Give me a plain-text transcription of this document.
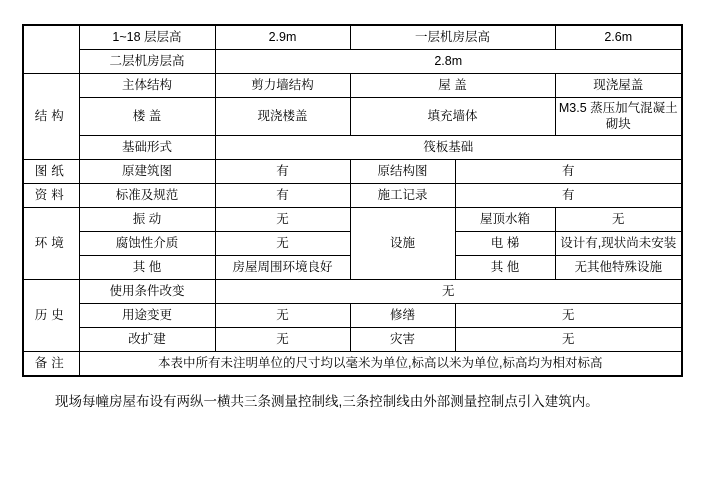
	1~18 层层高	2.9m	一层机房层高		2.6m
	二层机房层高	2.8m			
结构	主体结构	剪力墙结构	屋 盖		现浇屋盖
	楼 盖	现浇楼盖	填充墙体		M3.5 蒸压加气混凝土
砌块
	基础形式	筏板基础			
图纸	原建筑图	有	原结构图	有	
资料	标准及规范	有	施工记录	有	
环境	振 动	无	设施	屋顶水箱	无
	腐蚀性介质	无		电 梯	设计有,现状尚未安装
	其 他	房屋周围环境良好		其 他	无其他特殊设施
历史	使用条件改变	无			
	用途变更	无	修缮	无	
	改扩建	无	灾害	无	
备注	本表中所有未注明单位的尺寸均以毫米为单位,标高以米为单位,标高均为相对标高				
现场每幢房屋布设有两纵一横共三条测量控制线,三条控制线由外部测量控制点引入建筑内。
